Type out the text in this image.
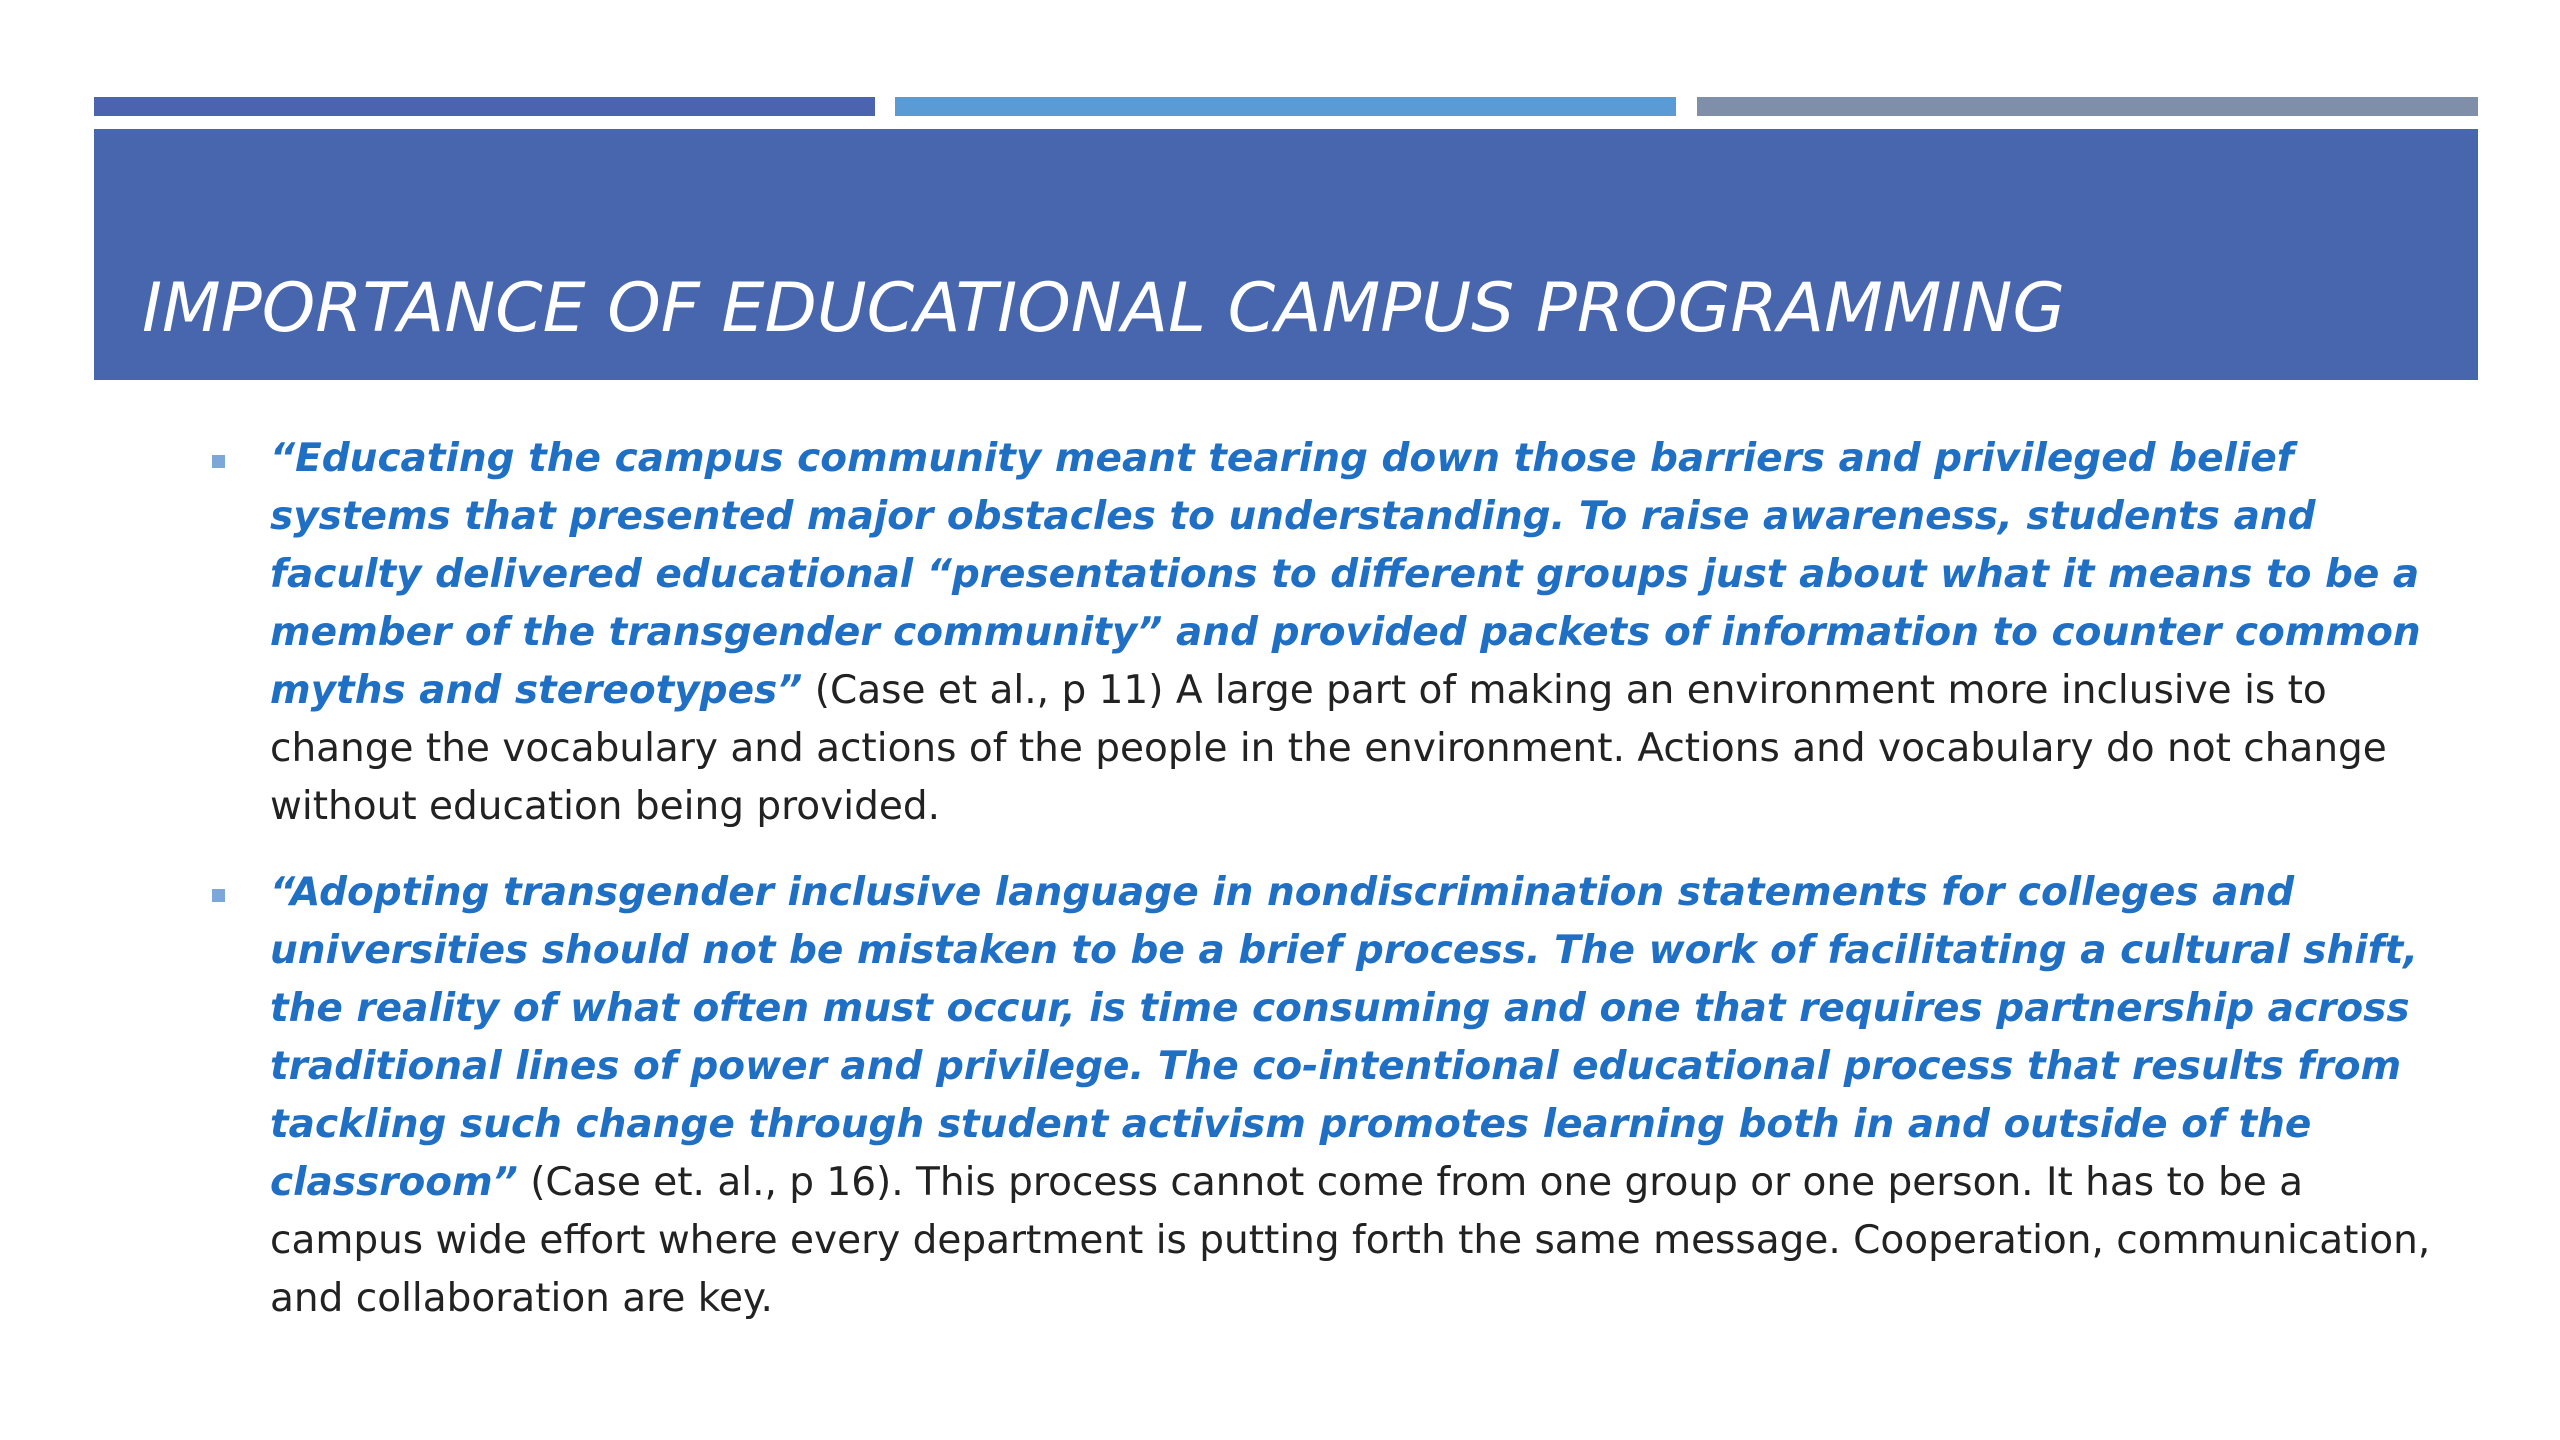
IMPORTANCE OF EDUCATIONAL CAMPUS PROGRAMMING
“Educating the campus community meant tearing down those barriers and privileged belief systems that presented major obstacles to understanding. To raise awareness, students and faculty delivered educational “presentations to different groups just about what it means to be a member of the transgender community” and provided packets of information to counter common myths and stereotypes” (Case et al., p 11) A large part of making an environment more inclusive is to change the vocabulary and actions of the people in the environment. Actions and vocabulary do not change without education being provided.
“Adopting transgender inclusive language in nondiscrimination statements for colleges and universities should not be mistaken to be a brief process. The work of facilitating a cultural shift, the reality of what often must occur, is time consuming and one that requires partnership across traditional lines of power and privilege. The co-intentional educational process that results from tackling such change through student activism promotes learning both in and outside of the classroom” (Case et. al., p 16). This process cannot come from one group or one person. It has to be a campus wide effort where every department is putting forth the same message. Cooperation, communication, and collaboration are key.
